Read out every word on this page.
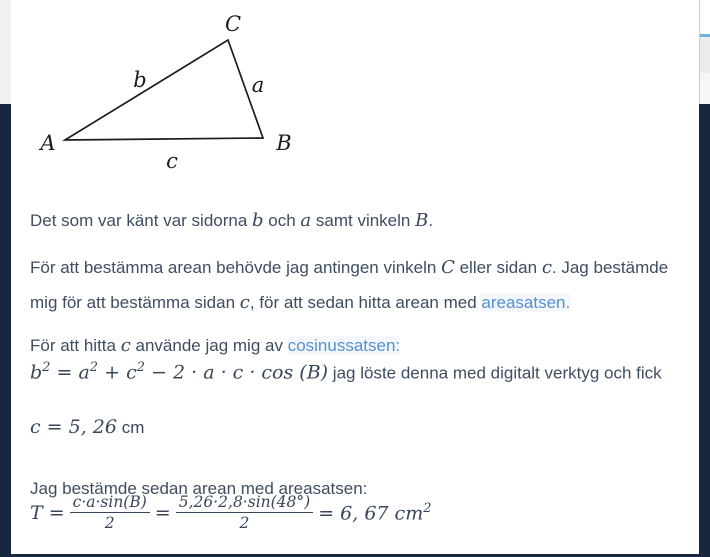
C
A	B
b	a
c

Det som var känt var sidorna b och a samt vinkeln B.

För att bestämma arean behövde jag antingen vinkeln C eller sidan c. Jag bestämde mig för att bestämma sidan c, för att sedan hitta arean med areasatsen.

För att hitta c använde jag mig av cosinussatsen:

$b^2 = a^2 + c^2 - 2 \cdot a \cdot c \cdot \cos (B)$ jag löste denna med digitalt verktyg och fick
c = 5, 26 cm

Jag bestämde sedan arean med areasatsen:

$T = \frac{c\cdot a\cdot\sin(B)}{2} = \frac{5,26\cdot 2,8\cdot\sin(48^\circ)}{2} = 6$, 67 $cm^2$
